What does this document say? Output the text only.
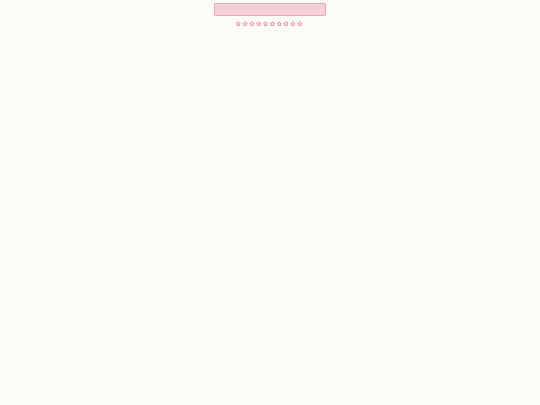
✿✿✿✿✿✿✿✿✿✿
